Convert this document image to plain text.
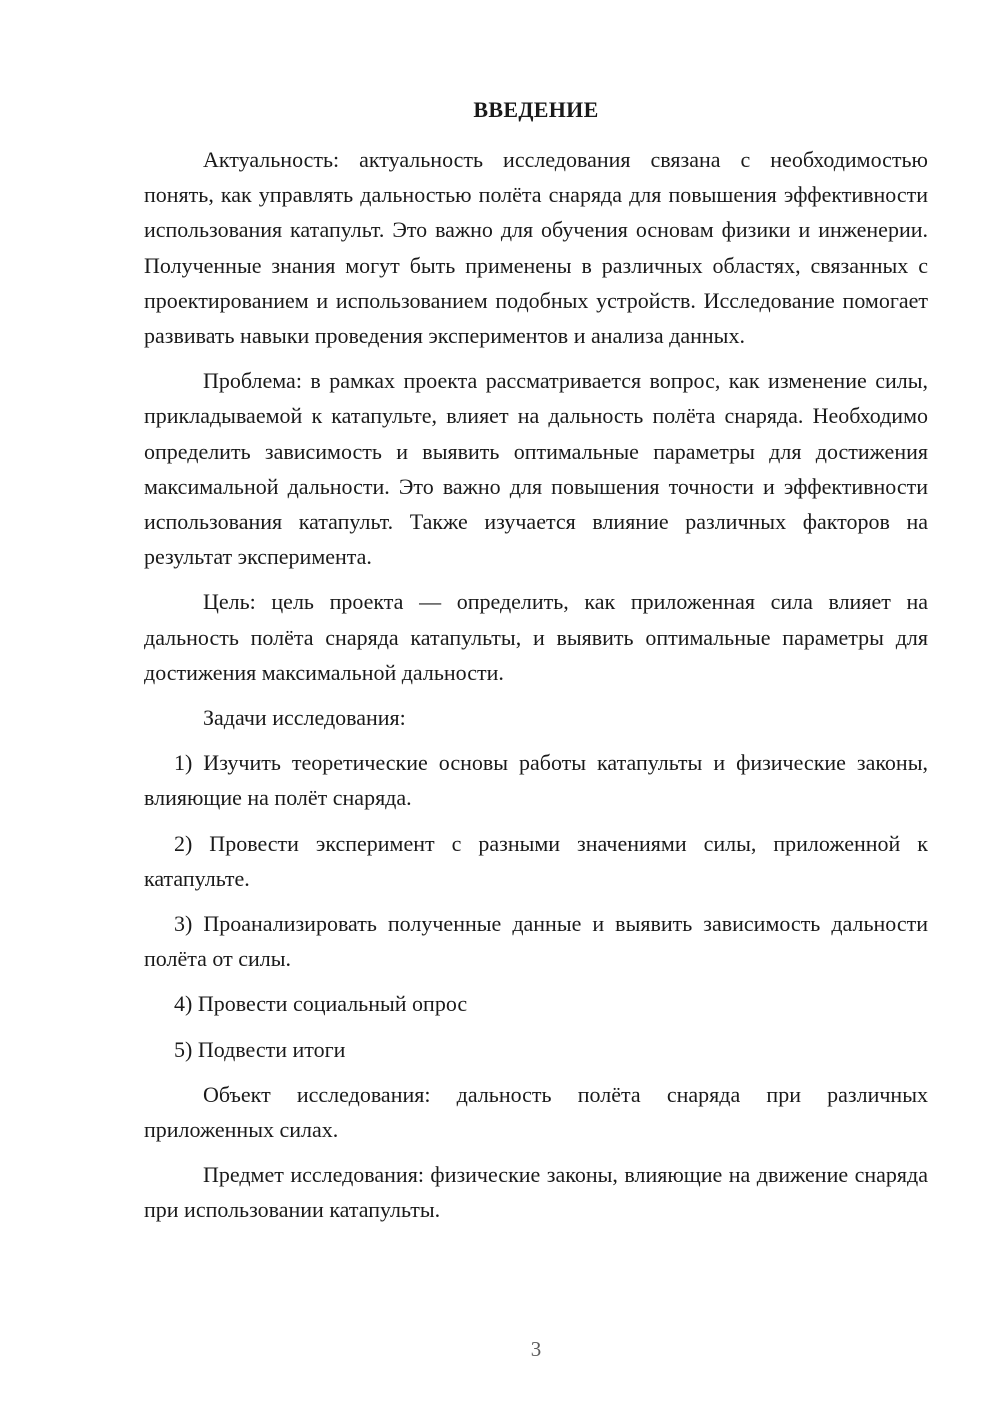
ВВЕДЕНИЕ

Актуальность: актуальность исследования связана с необходимостью понять, как управлять дальностью полёта снаряда для повышения эффективности использования катапульт. Это важно для обучения основам физики и инженерии. Полученные знания могут быть применены в различных областях, связанных с проектированием и использованием подобных устройств. Исследование помогает развивать навыки проведения экспериментов и анализа данных.

Проблема: в рамках проекта рассматривается вопрос, как изменение силы, прикладываемой к катапульте, влияет на дальность полёта снаряда. Необходимо определить зависимость и выявить оптимальные параметры для достижения максимальной дальности. Это важно для повышения точности и эффективности использования катапульт. Также изучается влияние различных факторов на результат эксперимента.

Цель: цель проекта — определить, как приложенная сила влияет на дальность полёта снаряда катапульты, и выявить оптимальные параметры для достижения максимальной дальности.

Задачи исследования:

1) Изучить теоретические основы работы катапульты и физические законы, влияющие на полёт снаряда.

2) Провести эксперимент с разными значениями силы, приложенной к катапульте.

3) Проанализировать полученные данные и выявить зависимость дальности полёта от силы.

4) Провести социальный опрос

5) Подвести итоги

Объект исследования: дальность полёта снаряда при различных приложенных силах.

Предмет исследования: физические законы, влияющие на движение снаряда при использовании катапульты.

3
